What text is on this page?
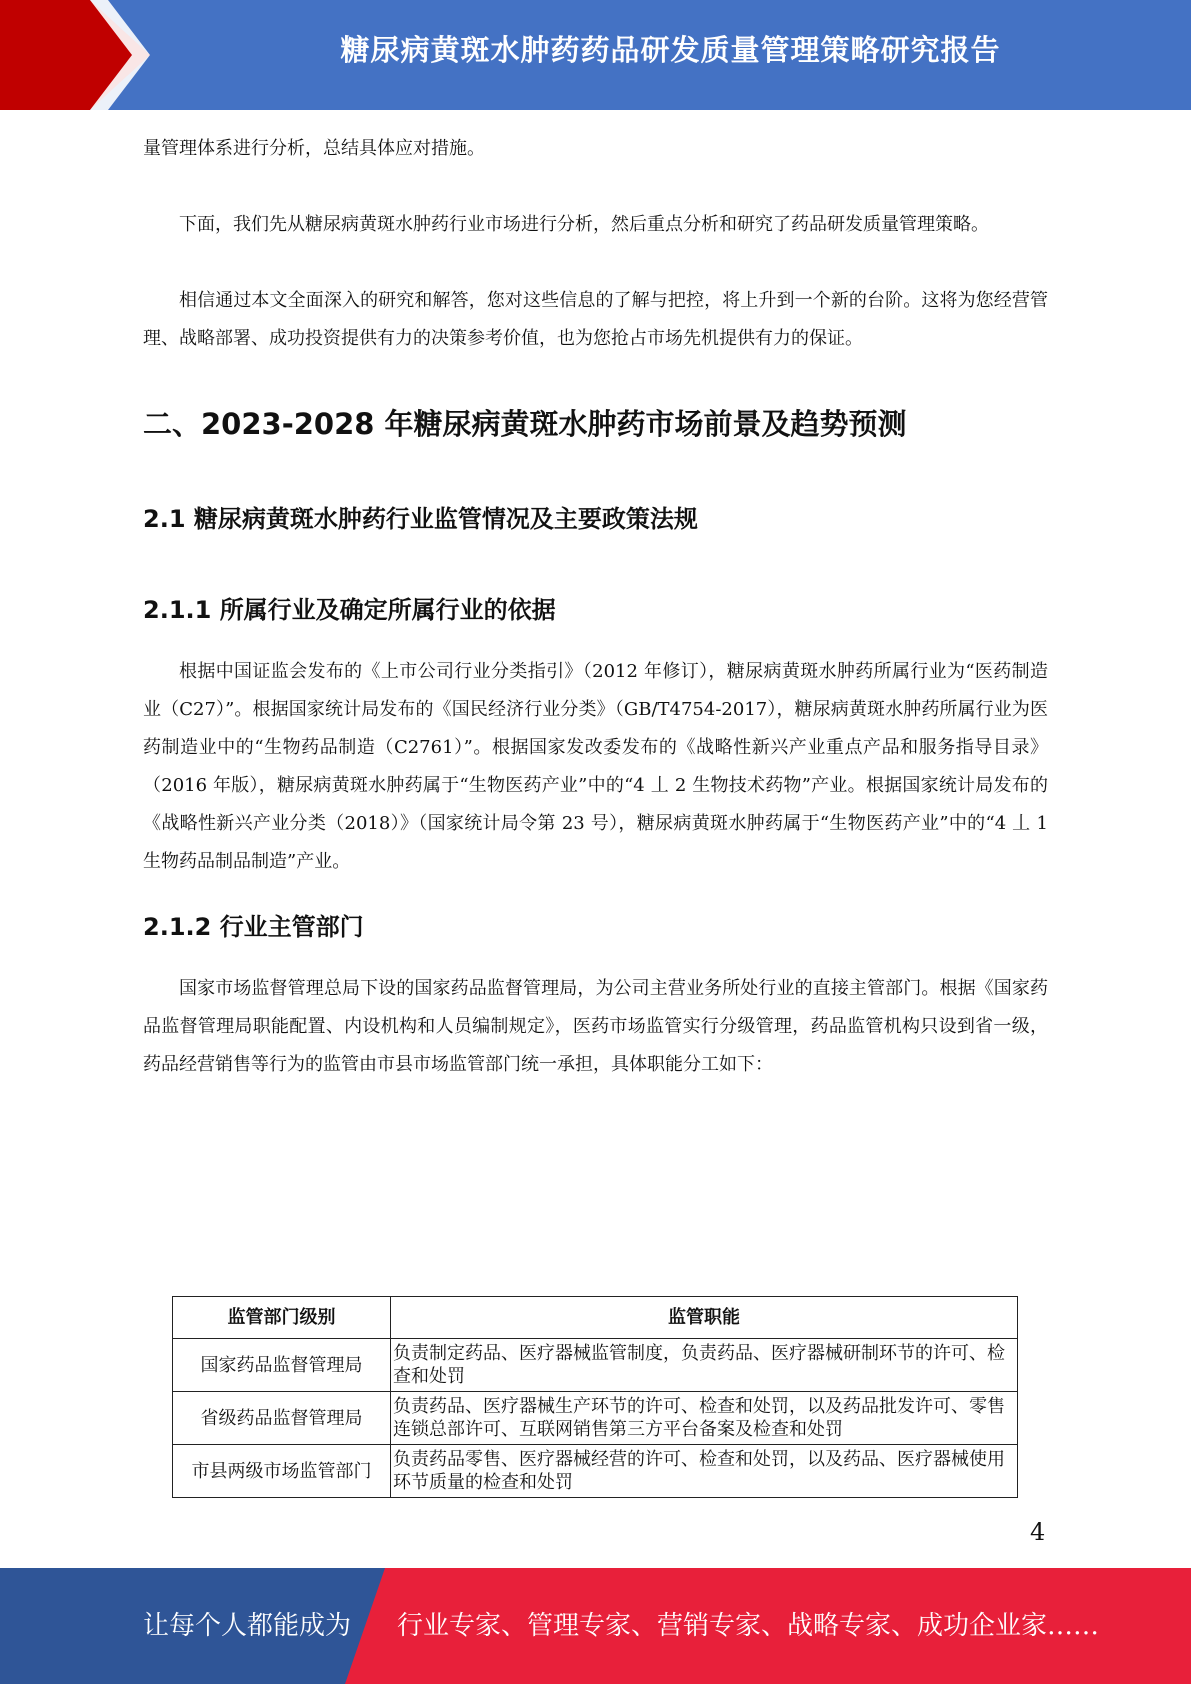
糖尿病黄斑水肿药药品研发质量管理策略研究报告

量管理体系进行分析，总结具体应对措施。

下面，我们先从糖尿病黄斑水肿药行业市场进行分析，然后重点分析和研究了药品研发质量管理策略。

相信通过本文全面深入的研究和解答，您对这些信息的了解与把控，将上升到一个新的台阶。这将为您经营管理、战略部署、成功投资提供有力的决策参考价值，也为您抢占市场先机提供有力的保证。

二、2023-2028 年糖尿病黄斑水肿药市场前景及趋势预测
2.1 糖尿病黄斑水肿药行业监管情况及主要政策法规
2.1.1 所属行业及确定所属行业的依据

根据中国证监会发布的《上市公司行业分类指引》（2012 年修订），糖尿病黄斑水肿药所属行业为“医药制造业（C27）”。根据国家统计局发布的《国民经济行业分类》（GB/T4754-2017），糖尿病黄斑水肿药所属行业为医药制造业中的“生物药品制造（C2761）”。根据国家发改委发布的《战略性新兴产业重点产品和服务指导目录》（2016 年版），糖尿病黄斑水肿药属于“生物医药产业”中的“4 丄 2 生物技术药物”产业。根据国家统计局发布的《战略性新兴产业分类（2018）》（国家统计局令第 23 号），糖尿病黄斑水肿药属于“生物医药产业”中的“4 丄 1 生物药品制品制造”产业。

2.1.2 行业主管部门

国家市场监督管理总局下设的国家药品监督管理局，为公司主营业务所处行业的直接主管部门。根据《国家药品监督管理局职能配置、内设机构和人员编制规定》，医药市场监管实行分级管理，药品监管机构只设到省一级，药品经营销售等行为的监管由市县市场监管部门统一承担，具体职能分工如下：

监管部门级别	监管职能
国家药品监督管理局	负责制定药品、医疗器械监管制度，负责药品、医疗器械研制环节的许可、检查和处罚
省级药品监督管理局	负责药品、医疗器械生产环节的许可、检查和处罚，以及药品批发许可、零售连锁总部许可、互联网销售第三方平台备案及检查和处罚
市县两级市场监管部门	负责药品零售、医疗器械经营的许可、检查和处罚，以及药品、医疗器械使用环节质量的检查和处罚
4
让每个人都能成为 行业专家、管理专家、营销专家、战略专家、成功企业家……
